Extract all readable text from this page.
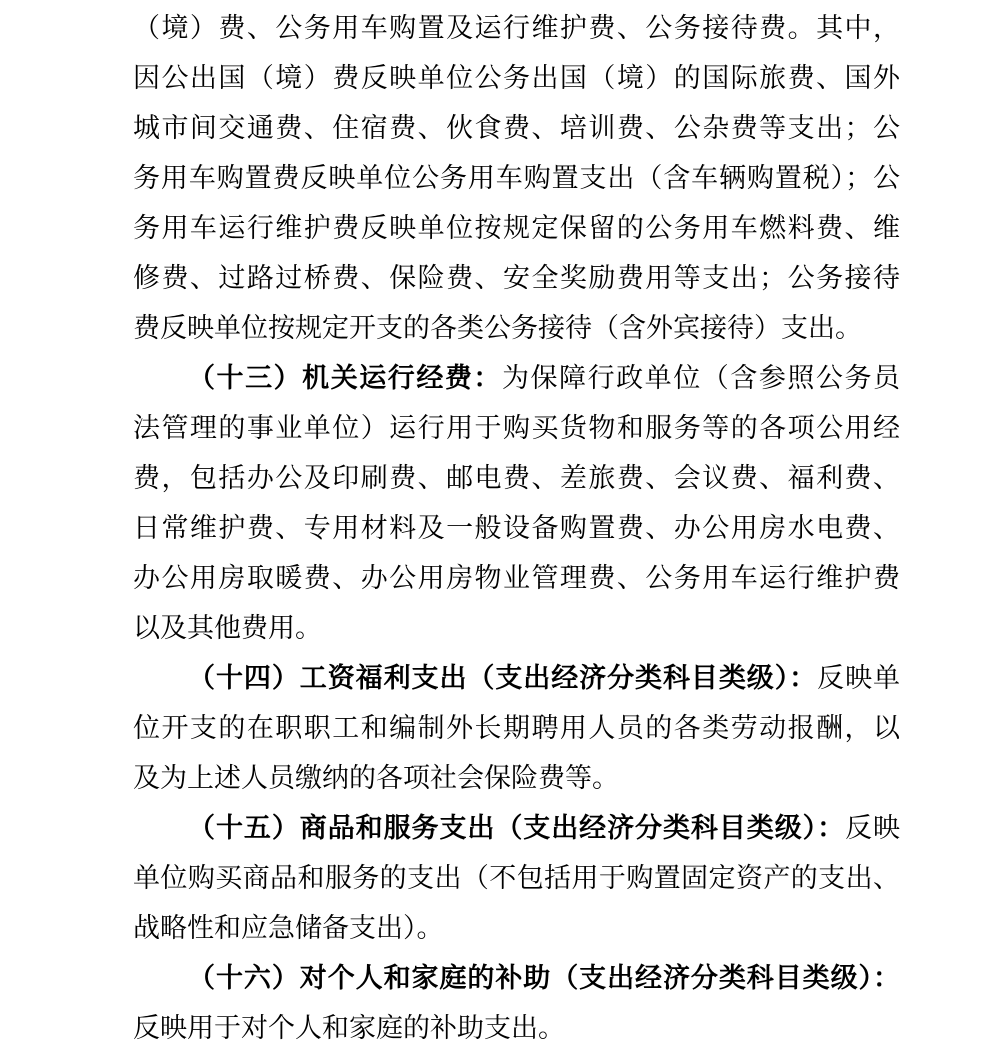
（境）费、公务用车购置及运行维护费、公务接待费。其中，
因公出国（境）费反映单位公务出国（境）的国际旅费、国外
城市间交通费、住宿费、伙食费、培训费、公杂费等支出；公
务用车购置费反映单位公务用车购置支出（含车辆购置税）；公
务用车运行维护费反映单位按规定保留的公务用车燃料费、维
修费、过路过桥费、保险费、安全奖励费用等支出；公务接待
费反映单位按规定开支的各类公务接待（含外宾接待）支出。
（十三）机关运行经费：为保障行政单位（含参照公务员
法管理的事业单位）运行用于购买货物和服务等的各项公用经
费，包括办公及印刷费、邮电费、差旅费、会议费、福利费、
日常维护费、专用材料及一般设备购置费、办公用房水电费、
办公用房取暖费、办公用房物业管理费、公务用车运行维护费
以及其他费用。
（十四）工资福利支出（支出经济分类科目类级）：反映单
位开支的在职职工和编制外长期聘用人员的各类劳动报酬，以
及为上述人员缴纳的各项社会保险费等。
（十五）商品和服务支出（支出经济分类科目类级）：反映
单位购买商品和服务的支出（不包括用于购置固定资产的支出、
战略性和应急储备支出）。
（十六）对个人和家庭的补助（支出经济分类科目类级）：
反映用于对个人和家庭的补助支出。
